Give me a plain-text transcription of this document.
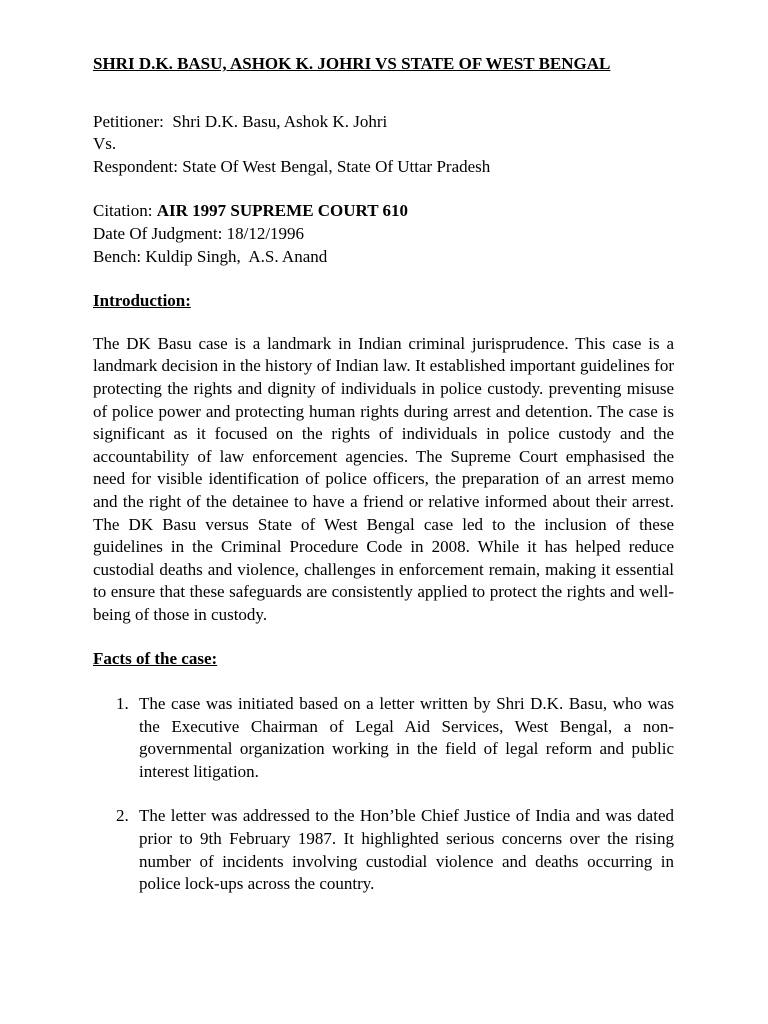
SHRI D.K. BASU, ASHOK K. JOHRI VS STATE OF WEST BENGAL

Petitioner: Shri D.K. Basu, Ashok K. Johri

Vs.

Respondent: State Of West Bengal, State Of Uttar Pradesh

Citation: AIR 1997 SUPREME COURT 610

Date Of Judgment: 18/12/1996

Bench: Kuldip Singh,  A.S. Anand

Introduction:

The DK Basu case is a landmark in Indian criminal jurisprudence. This case is a landmark decision in the history of Indian law. It established important guidelines for protecting the rights and dignity of individuals in police custody. preventing misuse of police power and protecting human rights during arrest and detention. The case is significant as it focused on the rights of individuals in police custody and the accountability of law enforcement agencies. The Supreme Court emphasised the need for visible identification of police officers, the preparation of an arrest memo and the right of the detainee to have a friend or relative informed about their arrest. The DK Basu versus State of West Bengal case led to the inclusion of these guidelines in the Criminal Procedure Code in 2008. While it has helped reduce custodial deaths and violence, challenges in enforcement remain, making it essential to ensure that these safeguards are consistently applied to protect the rights and well-being of those in custody.

Facts of the case:

1. The case was initiated based on a letter written by Shri D.K. Basu, who was the Executive Chairman of Legal Aid Services, West Bengal, a non-governmental organization working in the field of legal reform and public interest litigation.
2. The letter was addressed to the Hon’ble Chief Justice of India and was dated prior to 9th February 1987. It highlighted serious concerns over the rising number of incidents involving custodial violence and deaths occurring in police lock-ups across the country.
